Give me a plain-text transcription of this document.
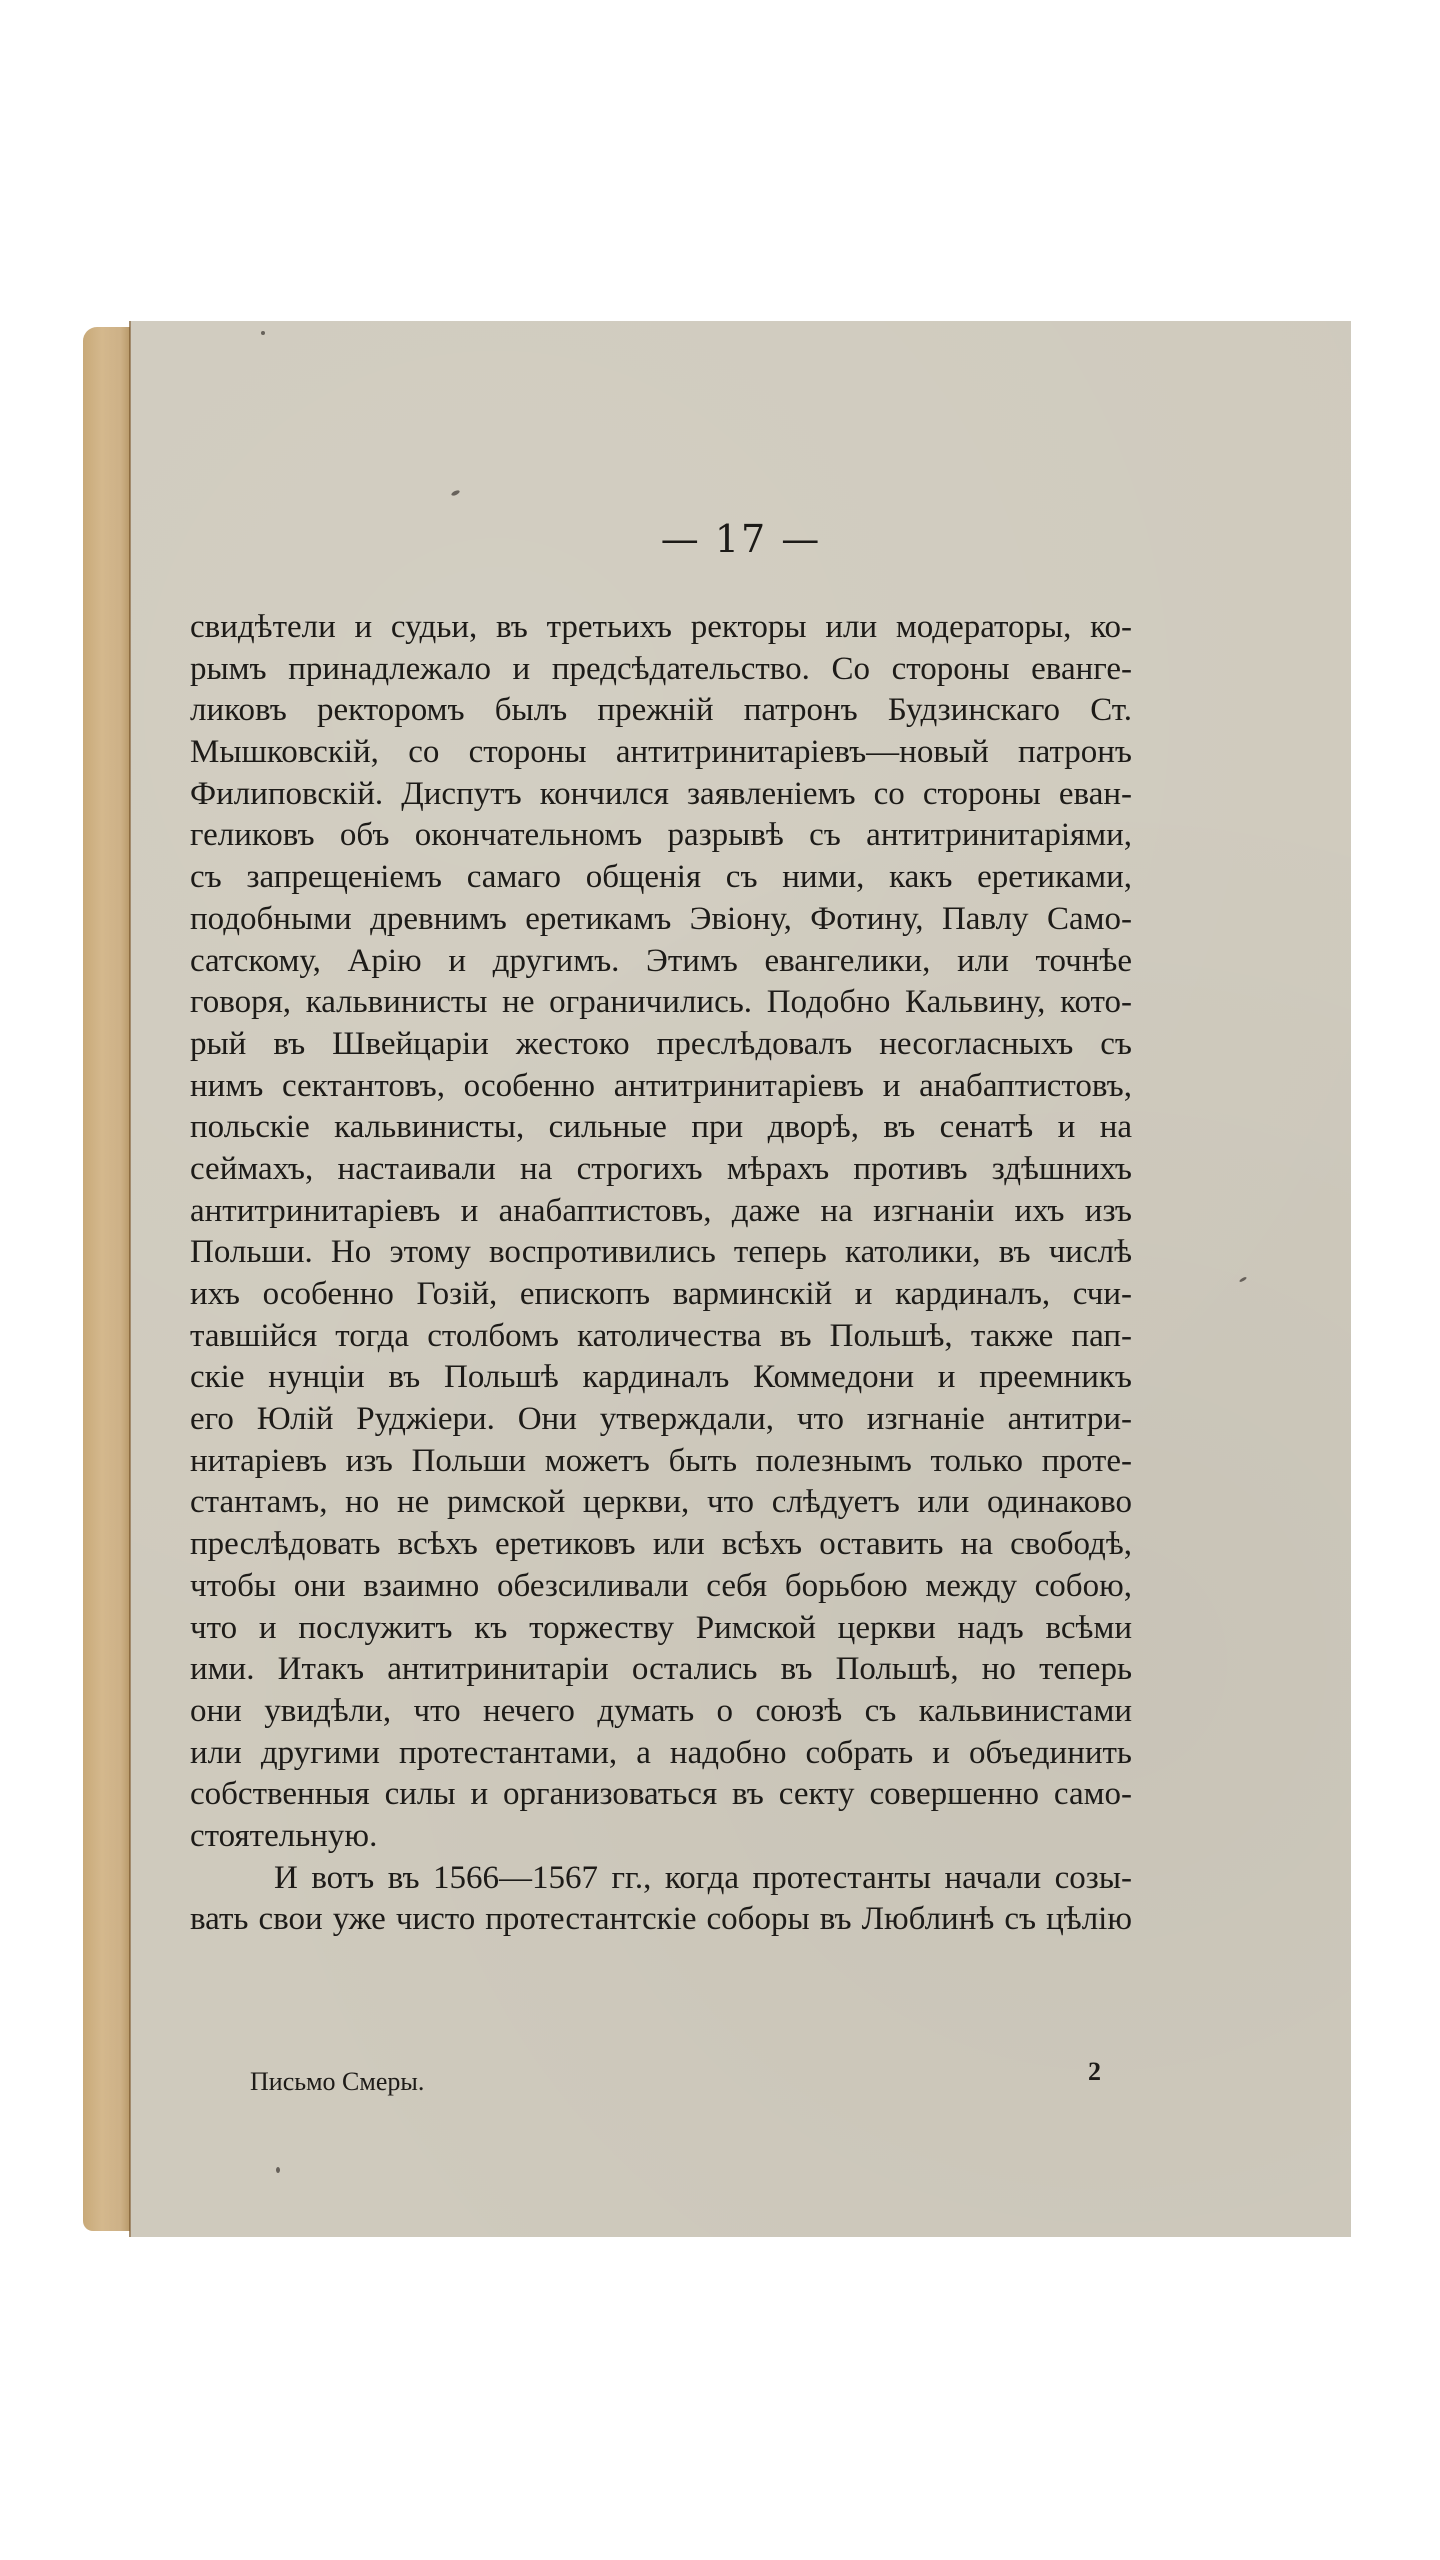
— 17 —
свидѣтели и судьи, въ третьихъ ректоры или модераторы, ко-
рымъ принадлежало и предсѣдательство. Со стороны еванге-
ликовъ ректоромъ былъ прежній патронъ Будзинскаго Ст.
Мышковскій, со стороны антитринитаріевъ—новый патронъ
Филиповскій. Диспутъ кончился заявленіемъ со стороны еван-
геликовъ объ окончательномъ разрывѣ съ антитринитаріями,
съ запрещеніемъ самаго общенія съ ними, какъ еретиками,
подобными древнимъ еретикамъ Эвіону, Фотину, Павлу Само-
сатскому, Арію и другимъ. Этимъ евангелики, или точнѣе
говоря, кальвинисты не ограничились. Подобно Кальвину, кото-
рый въ Швейцаріи жестоко преслѣдовалъ несогласныхъ съ
нимъ сектантовъ, особенно антитринитаріевъ и анабаптистовъ,
польскіе кальвинисты, сильные при дворѣ, въ сенатѣ и на
сеймахъ, настаивали на строгихъ мѣрахъ противъ здѣшнихъ
антитринитаріевъ и анабаптистовъ, даже на изгнаніи ихъ изъ
Польши. Но этому воспротивились теперь католики, въ числѣ
ихъ особенно Гозій, епископъ варминскій и кардиналъ, счи-
тавшійся тогда столбомъ католичества въ Польшѣ, также пап-
скіе нунціи въ Польшѣ кардиналъ Коммедони и преемникъ
его Юлій Руджіери. Они утверждали, что изгнаніе антитри-
нитаріевъ изъ Польши можетъ быть полезнымъ только проте-
стантамъ, но не римской церкви, что слѣдуетъ или одинаково
преслѣдовать всѣхъ еретиковъ или всѣхъ оставить на свободѣ,
чтобы они взаимно обезсиливали себя борьбою между собою,
что и послужитъ къ торжеству Римской церкви надъ всѣми
ими. Итакъ антитринитаріи остались въ Польшѣ, но теперь
они увидѣли, что нечего думать о союзѣ съ кальвинистами
или другими протестантами, а надобно собрать и объединить
собственныя силы и организоваться въ секту совершенно само-
стоятельную.
И вотъ въ 1566—1567 гг., когда протестанты начали созы-
вать свои уже чисто протестантскіе соборы въ Люблинѣ съ цѣлію
Письмо Смеры.	2
